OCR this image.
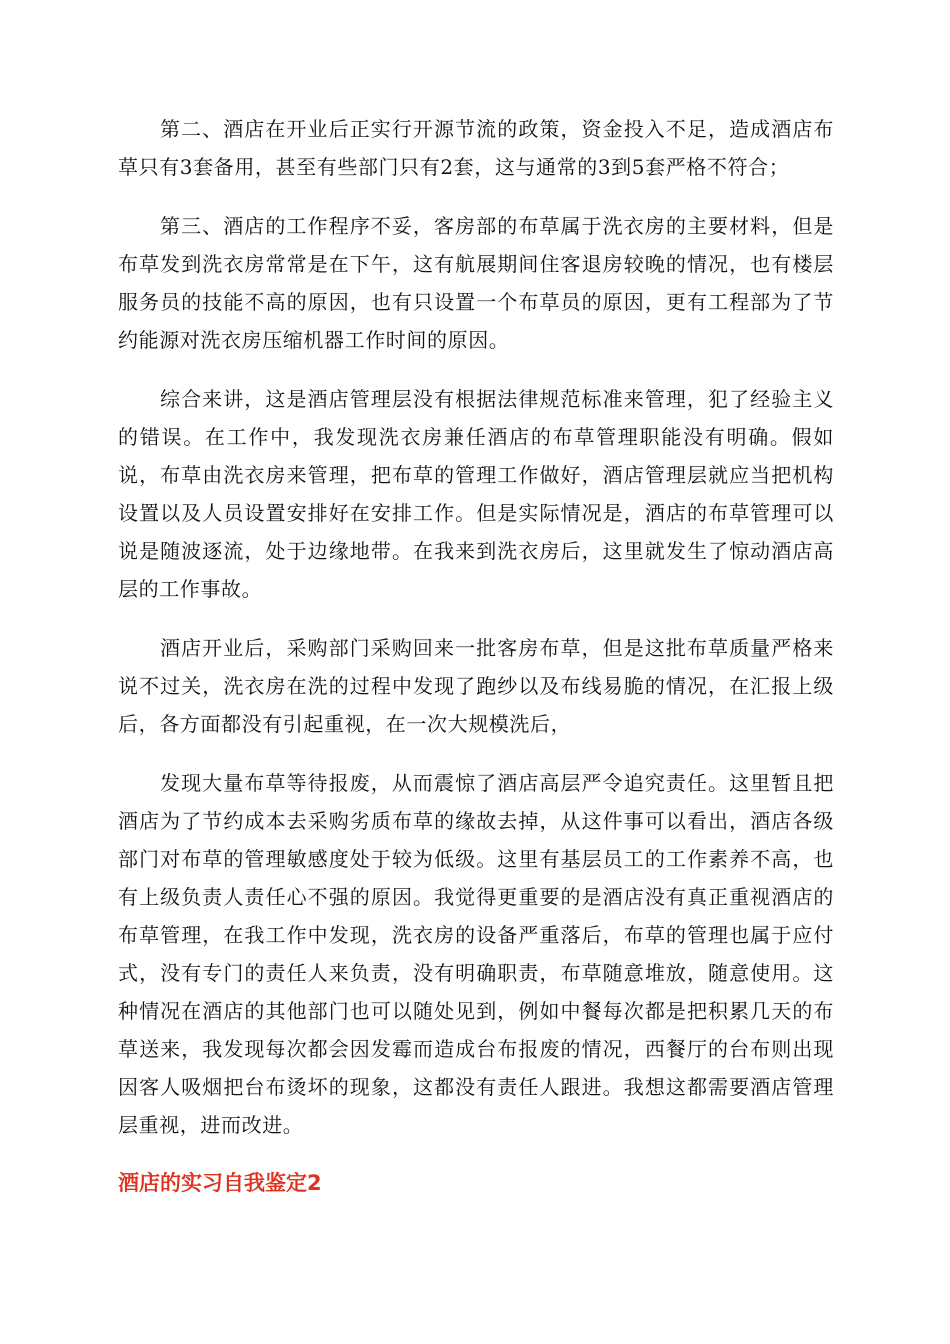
第二、酒店在开业后正实行开源节流的政策，资金投入不足，造成酒店布草只有3套备用，甚至有些部门只有2套，这与通常的3到5套严格不符合；

第三、酒店的工作程序不妥，客房部的布草属于洗衣房的主要材料，但是布草发到洗衣房常常是在下午，这有航展期间住客退房较晚的情况，也有楼层服务员的技能不高的原因，也有只设置一个布草员的原因，更有工程部为了节约能源对洗衣房压缩机器工作时间的原因。

综合来讲，这是酒店管理层没有根据法律规范标准来管理，犯了经验主义的错误。在工作中，我发现洗衣房兼任酒店的布草管理职能没有明确。假如说，布草由洗衣房来管理，把布草的管理工作做好，酒店管理层就应当把机构设置以及人员设置安排好在安排工作。但是实际情况是，酒店的布草管理可以说是随波逐流，处于边缘地带。在我来到洗衣房后，这里就发生了惊动酒店高层的工作事故。

酒店开业后，采购部门采购回来一批客房布草，但是这批布草质量严格来说不过关，洗衣房在洗的过程中发现了跑纱以及布线易脆的情况，在汇报上级后，各方面都没有引起重视，在一次大规模洗后，

发现大量布草等待报废，从而震惊了酒店高层严令追究责任。这里暂且把酒店为了节约成本去采购劣质布草的缘故去掉，从这件事可以看出，酒店各级部门对布草的管理敏感度处于较为低级。这里有基层员工的工作素养不高，也有上级负责人责任心不强的原因。我觉得更重要的是酒店没有真正重视酒店的布草管理，在我工作中发现，洗衣房的设备严重落后，布草的管理也属于应付式，没有专门的责任人来负责，没有明确职责，布草随意堆放，随意使用。这种情况在酒店的其他部门也可以随处见到，例如中餐每次都是把积累几天的布草送来，我发现每次都会因发霉而造成台布报废的情况，西餐厅的台布则出现因客人吸烟把台布烫坏的现象，这都没有责任人跟进。我想这都需要酒店管理层重视，进而改进。

酒店的实习自我鉴定2
